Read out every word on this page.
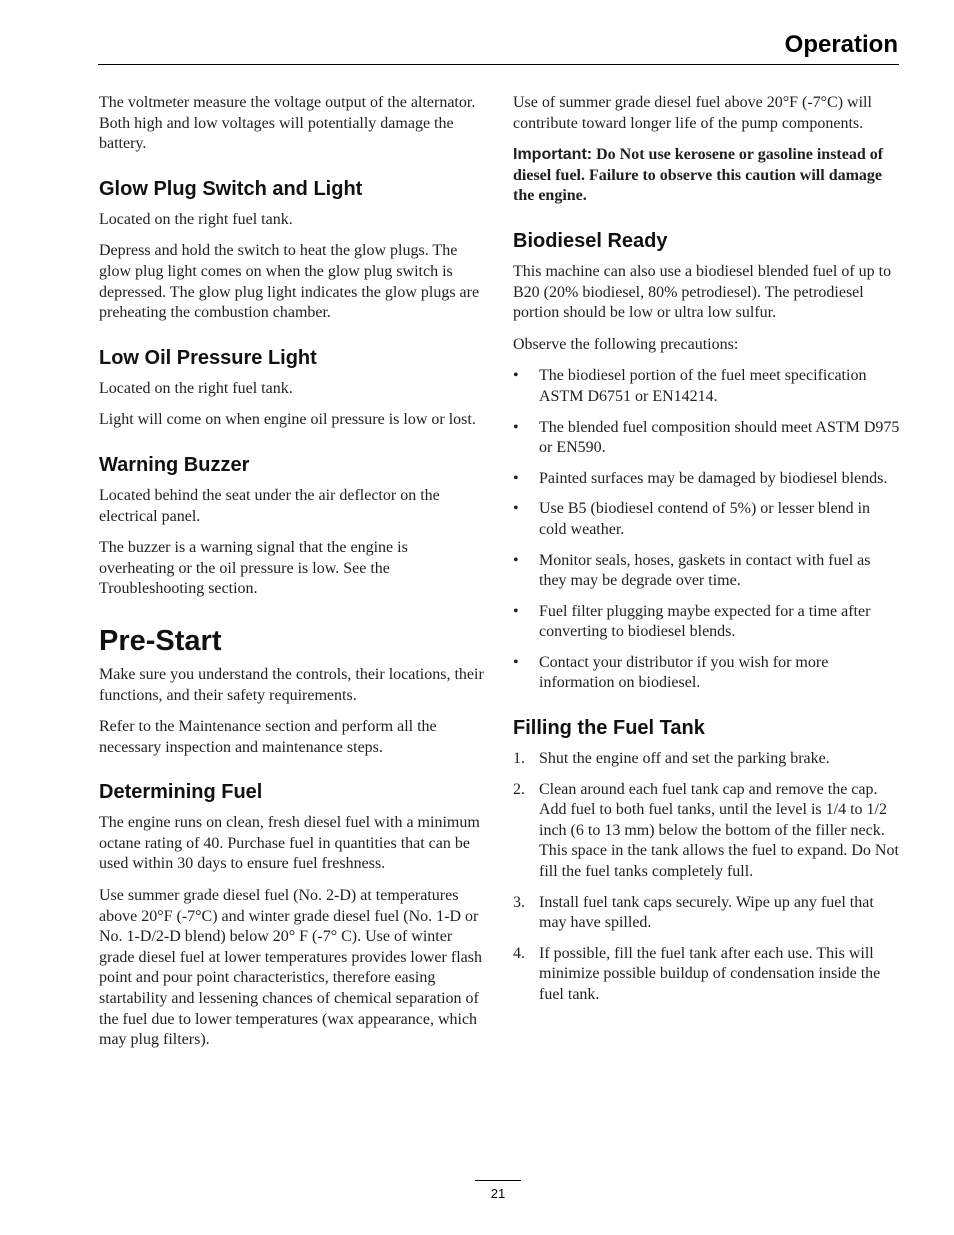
Operation

The voltmeter measure the voltage output of the alternator. Both high and low voltages will potentially damage the battery.

Glow Plug Switch and Light

Located on the right fuel tank.

Depress and hold the switch to heat the glow plugs. The glow plug light comes on when the glow plug switch is depressed. The glow plug light indicates the glow plugs are preheating the combustion chamber.

Low Oil Pressure Light

Located on the right fuel tank.

Light will come on when engine oil pressure is low or lost.

Warning Buzzer

Located behind the seat under the air deflector on the electrical panel.

The buzzer is a warning signal that the engine is overheating or the oil pressure is low. See the Troubleshooting section.

Pre-Start

Make sure you understand the controls, their locations, their functions, and their safety requirements.

Refer to the Maintenance section and perform all the necessary inspection and maintenance steps.

Determining Fuel

The engine runs on clean, fresh diesel fuel with a minimum octane rating of 40. Purchase fuel in quantities that can be used within 30 days to ensure fuel freshness.

Use summer grade diesel fuel (No. 2-D) at temperatures above 20°F (-7°C) and winter grade diesel fuel (No. 1-D or No. 1-D/2-D blend) below 20° F (-7° C). Use of winter grade diesel fuel at lower temperatures provides lower flash point and pour point characteristics, therefore easing startability and lessening chances of chemical separation of the fuel due to lower temperatures (wax appearance, which may plug filters).

Use of summer grade diesel fuel above 20°F (-7°C) will contribute toward longer life of the pump components.

Important: Do Not use kerosene or gasoline instead of diesel fuel. Failure to observe this caution will damage the engine.

Biodiesel Ready

This machine can also use a biodiesel blended fuel of up to B20 (20% biodiesel, 80% petrodiesel). The petrodiesel portion should be low or ultra low sulfur.

Observe the following precautions:

• The biodiesel portion of the fuel meet specification ASTM D6751 or EN14214.
• The blended fuel composition should meet ASTM D975 or EN590.
• Painted surfaces may be damaged by biodiesel blends.
• Use B5 (biodiesel contend of 5%) or lesser blend in cold weather.
• Monitor seals, hoses, gaskets in contact with fuel as they may be degrade over time.
• Fuel filter plugging maybe expected for a time after converting to biodiesel blends.
• Contact your distributor if you wish for more information on biodiesel.
Filling the Fuel Tank
1. Shut the engine off and set the parking brake.
2. Clean around each fuel tank cap and remove the cap. Add fuel to both fuel tanks, until the level is 1/4 to 1/2 inch (6 to 13 mm) below the bottom of the filler neck. This space in the tank allows the fuel to expand. Do Not fill the fuel tanks completely full.
3. Install fuel tank caps securely. Wipe up any fuel that may have spilled.
4. If possible, fill the fuel tank after each use. This will minimize possible buildup of condensation inside the fuel tank.
21
